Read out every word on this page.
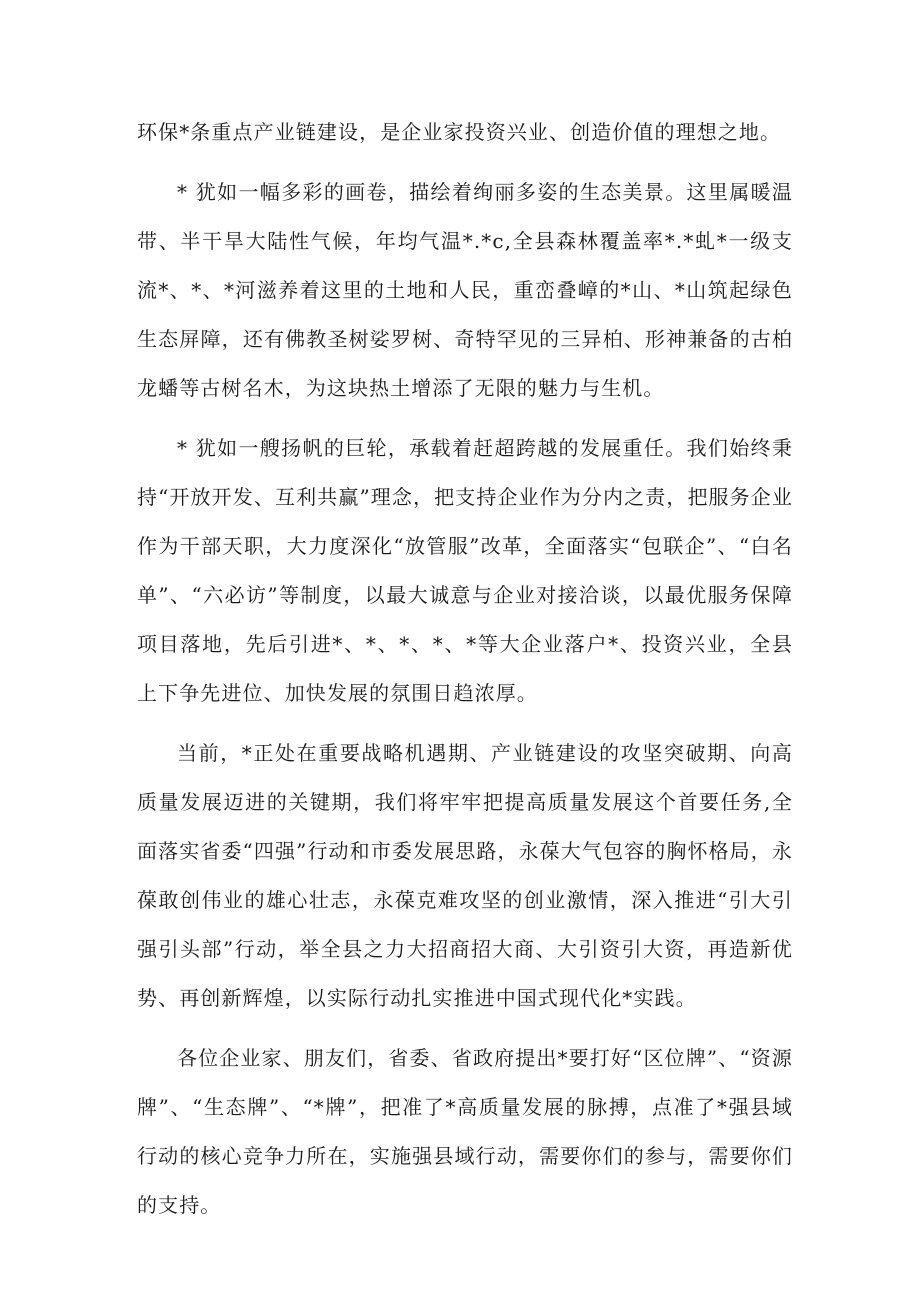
环保*条重点产业链建设，是企业家投资兴业、创造价值的理想之地。

* 犹如一幅多彩的画卷，描绘着绚丽多姿的生态美景。这里属暖温带、半干旱大陆性气候，年均气温*.*c,全县森林覆盖率*.*虬*一级支流*、*、*河滋养着这里的土地和人民，重峦叠嶂的*山、*山筑起绿色生态屏障，还有佛教圣树娑罗树、奇特罕见的三异柏、形神兼备的古柏龙蟠等古树名木，为这块热土增添了无限的魅力与生机。

* 犹如一艘扬帆的巨轮，承载着赶超跨越的发展重任。我们始终秉持“开放开发、互利共赢”理念，把支持企业作为分内之责，把服务企业作为干部天职，大力度深化“放管服”改革，全面落实“包联企”、“白名单”、“六必访”等制度，以最大诚意与企业对接洽谈，以最优服务保障项目落地，先后引进*、*、*、*、*等大企业落户*、投资兴业，全县上下争先进位、加快发展的氛围日趋浓厚。

当前，*正处在重要战略机遇期、产业链建设的攻坚突破期、向高质量发展迈进的关键期，我们将牢牢把提高质量发展这个首要任务,全面落实省委“四强”行动和市委发展思路，永葆大气包容的胸怀格局，永葆敢创伟业的雄心壮志，永葆克难攻坚的创业激情，深入推进“引大引强引头部”行动，举全县之力大招商招大商、大引资引大资，再造新优势、再创新辉煌，以实际行动扎实推进中国式现代化*实践。

各位企业家、朋友们，省委、省政府提出*要打好“区位牌”、“资源牌”、“生态牌”、“*牌”，把准了*高质量发展的脉搏，点准了*强县域行动的核心竞争力所在，实施强县域行动，需要你们的参与，需要你们的支持。
